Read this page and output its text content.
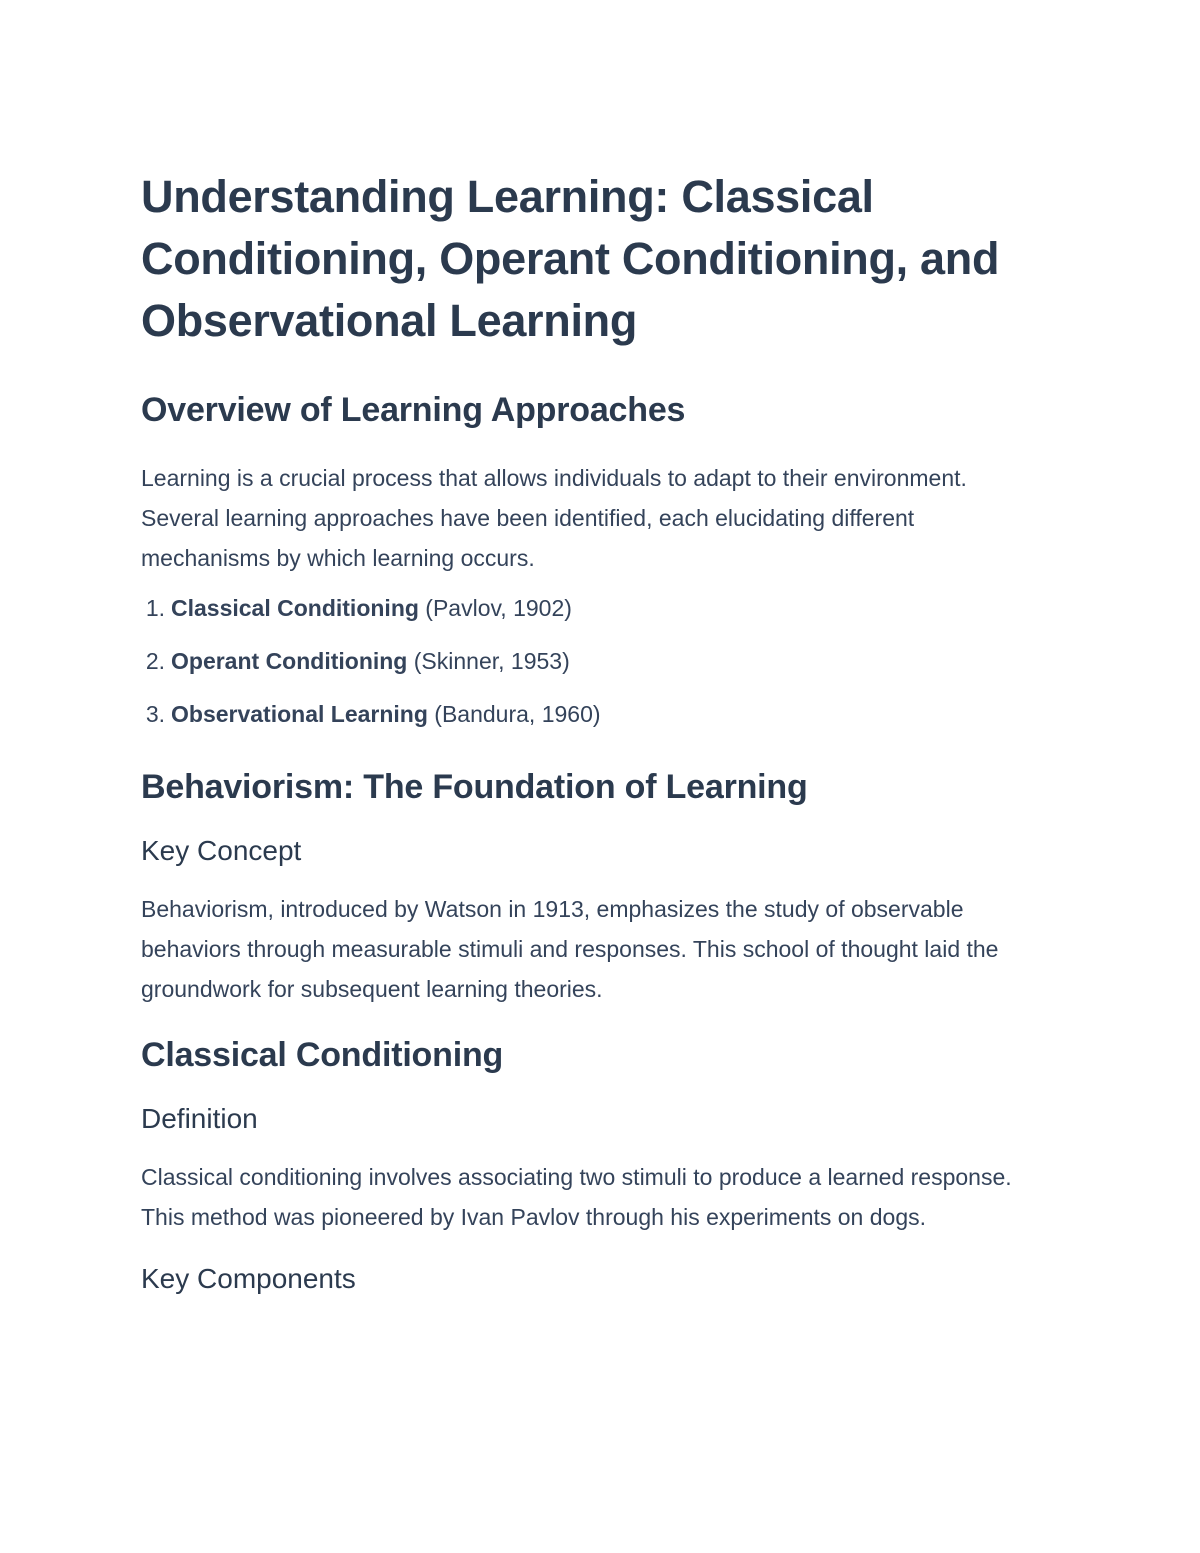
Understanding Learning: Classical Conditioning, Operant Conditioning, and Observational Learning
Overview of Learning Approaches

Learning is a crucial process that allows individuals to adapt to their environment. Several learning approaches have been identified, each elucidating different mechanisms by which learning occurs.

1. Classical Conditioning (Pavlov, 1902)
2. Operant Conditioning (Skinner, 1953)
3. Observational Learning (Bandura, 1960)
Behaviorism: The Foundation of Learning
Key Concept

Behaviorism, introduced by Watson in 1913, emphasizes the study of observable behaviors through measurable stimuli and responses. This school of thought laid the groundwork for subsequent learning theories.

Classical Conditioning
Definition

Classical conditioning involves associating two stimuli to produce a learned response. This method was pioneered by Ivan Pavlov through his experiments on dogs.

Key Components
